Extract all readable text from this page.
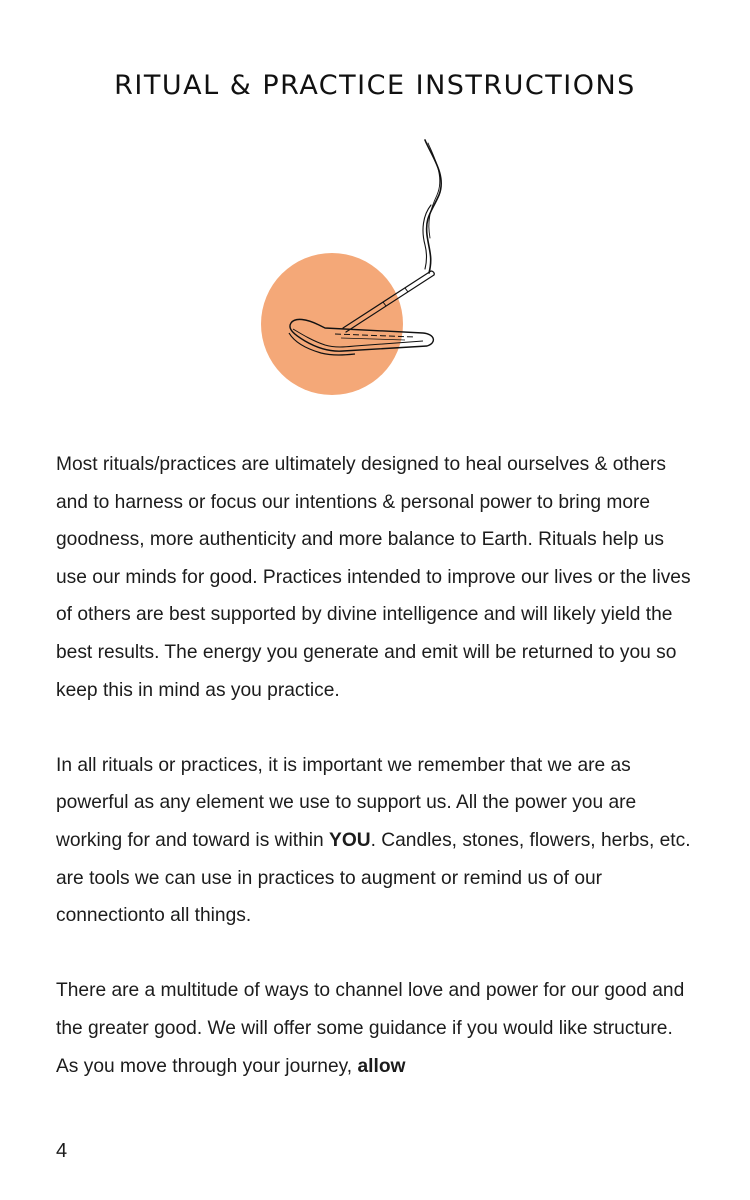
RITUAL & PRACTICE INSTRUCTIONS

Most rituals/practices are ultimately designed to heal ourselves & others and to harness or focus our intentions & personal power to bring more goodness, more authenticity and more balance to Earth. Rituals help us use our minds for good. Practices intended to improve our lives or the lives of others are best supported by divine intelligence and will likely yield the best results. The energy you generate and emit will be returned to you so keep this in mind as you practice.

In all rituals or practices, it is important we remember that we are as powerful as any element we use to support us. All the power you are working for and toward is within YOU. Candles, stones, flowers, herbs, etc. are tools we can use in practices to augment or remind us of our connectionto all things.

There are a multitude of ways to channel love and power for our good and the greater good. We will offer some guidance if you would like structure. As you move through your journey, allow

4
